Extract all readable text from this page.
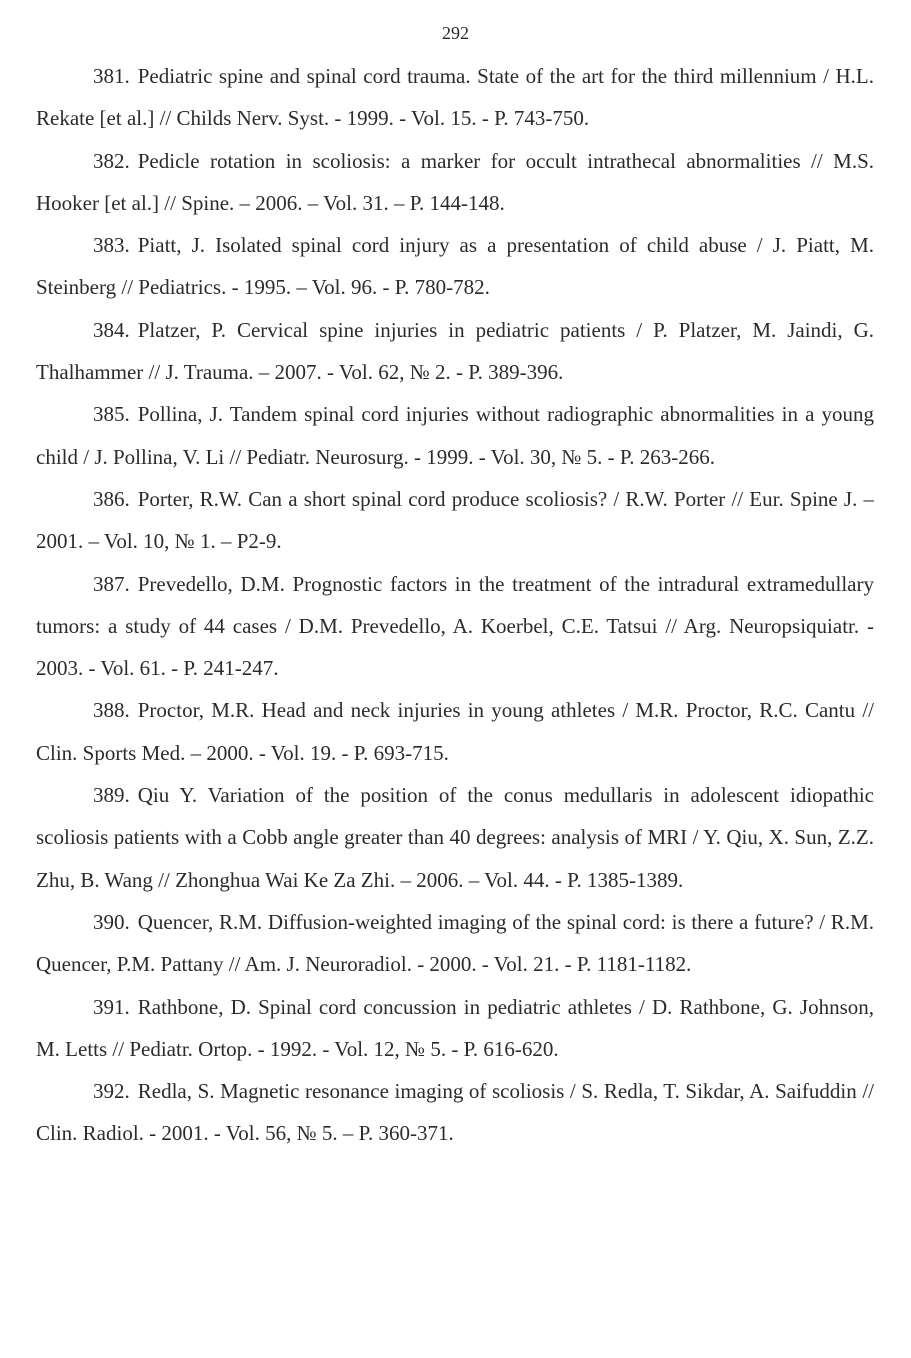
292
381. Pediatric spine and spinal cord trauma. State of the art for the third millennium / H.L. Rekate [et al.] // Childs Nerv. Syst. - 1999. - Vol. 15. - P. 743-750.
382. Pedicle rotation in scoliosis: a marker for occult intrathecal abnormalities // M.S. Hooker [et al.] // Spine. – 2006. – Vol. 31. – P. 144-148.
383. Piatt, J. Isolated spinal cord injury as a presentation of child abuse / J. Piatt, M. Steinberg // Pediatrics. - 1995. – Vol. 96. - P. 780-782.
384. Platzer, P. Cervical spine injuries in pediatric patients / P. Platzer, M. Jaindi, G. Thalhammer // J. Trauma. – 2007. - Vol. 62, № 2. - P. 389-396.
385. Pollina, J. Tandem spinal cord injuries without radiographic abnormalities in a young child / J. Pollina, V. Li // Pediatr. Neurosurg. - 1999. - Vol. 30, № 5. - P. 263-266.
386. Porter, R.W. Can a short spinal cord produce scoliosis? / R.W. Porter // Eur. Spine J. – 2001. – Vol. 10, № 1. – P2-9.
387. Prevedello, D.M. Prognostic factors in the treatment of the intradural extramedullary tumors: a study of 44 cases / D.M. Prevedello, A. Koerbel, C.E. Tatsui // Arg. Neuropsiquiatr. - 2003. - Vol. 61. - P. 241-247.
388. Proctor, M.R. Head and neck injuries in young athletes / M.R. Proctor, R.C. Cantu // Clin. Sports Med. – 2000. - Vol. 19. - P. 693-715.
389. Qiu Y. Variation of the position of the conus medullaris in adolescent idiopathic scoliosis patients with a Cobb angle greater than 40 degrees: analysis of MRI / Y. Qiu, X. Sun, Z.Z. Zhu, B. Wang // Zhonghua Wai Ke Za Zhi. – 2006. – Vol. 44. - P. 1385-1389.
390. Quencer, R.M. Diffusion-weighted imaging of the spinal cord: is there a future? / R.M. Quencer, P.M. Pattany // Am. J. Neuroradiol. - 2000. - Vol. 21. - P. 1181-1182.
391. Rathbone, D. Spinal cord concussion in pediatric athletes / D. Rathbone, G. Johnson, M. Letts // Pediatr. Ortop. - 1992. - Vol. 12, № 5. - P. 616-620.
392. Redla, S. Magnetic resonance imaging of scoliosis / S. Redla, T. Sikdar, A. Saifuddin // Clin. Radiol. - 2001. - Vol. 56, № 5. – P. 360-371.
